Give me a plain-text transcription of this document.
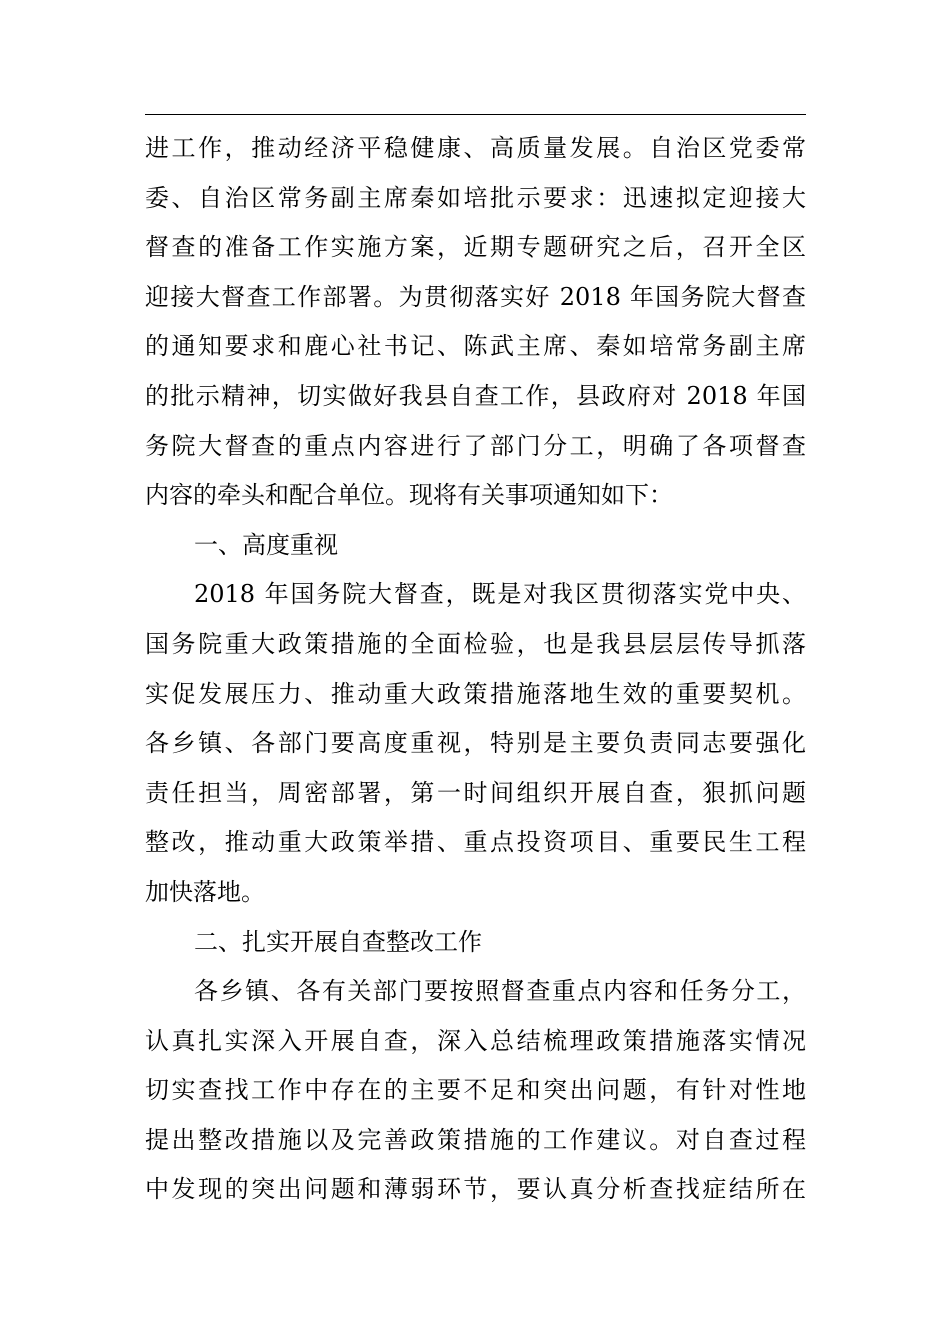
进工作，推动经济平稳健康、高质量发展。自治区党委常
委、自治区常务副主席秦如培批示要求：迅速拟定迎接大
督查的准备工作实施方案，近期专题研究之后，召开全区
迎接大督查工作部署。为贯彻落实好 2018 年国务院大督查
的通知要求和鹿心社书记、陈武主席、秦如培常务副主席
的批示精神，切实做好我县自查工作，县政府对 2018 年国
务院大督查的重点内容进行了部门分工，明确了各项督查
内容的牵头和配合单位。现将有关事项通知如下：
一、高度重视
2018 年国务院大督查，既是对我区贯彻落实党中央、
国务院重大政策措施的全面检验，也是我县层层传导抓落
实促发展压力、推动重大政策措施落地生效的重要契机。
各乡镇、各部门要高度重视，特别是主要负责同志要强化
责任担当，周密部署，第一时间组织开展自查，狠抓问题
整改，推动重大政策举措、重点投资项目、重要民生工程
加快落地。
二、扎实开展自查整改工作
各乡镇、各有关部门要按照督查重点内容和任务分工，
认真扎实深入开展自查，深入总结梳理政策措施落实情况
切实查找工作中存在的主要不足和突出问题，有针对性地
提出整改措施以及完善政策措施的工作建议。对自查过程
中发现的突出问题和薄弱环节，要认真分析查找症结所在
